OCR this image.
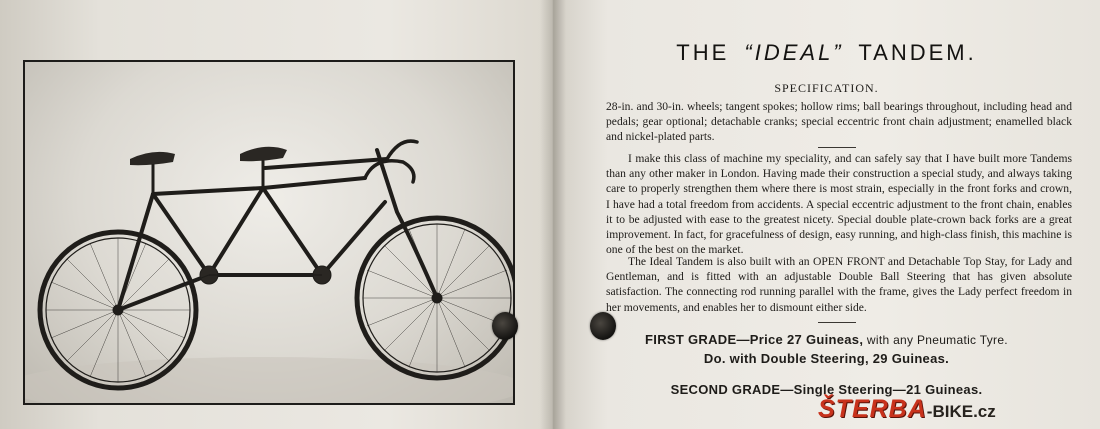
THE “IDEAL” TANDEM.
SPECIFICATION.
28-in. and 30-in. wheels; tangent spokes; hollow rims; ball bearings throughout, including head and pedals; gear optional; detachable cranks; special eccentric front chain adjustment; enamelled black and nickel-plated parts.
I make this class of machine my speciality, and can safely say that I have built more Tandems than any other maker in London. Having made their construction a special study, and always taking care to properly strengthen them where there is most strain, especially in the front forks and crown, I have had a total freedom from accidents. A special eccentric adjustment to the front chain, enables it to be adjusted with ease to the greatest nicety. Special double plate-crown back forks are a great improvement. In fact, for gracefulness of design, easy running, and high-class finish, this machine is one of the best on the market.
The Ideal Tandem is also built with an OPEN FRONT and Detachable Top Stay, for Lady and Gentleman, and is fitted with an adjustable Double Ball Steering that has given absolute satisfaction. The connecting rod running parallel with the frame, gives the Lady perfect freedom in her movements, and enables her to dismount either side.
FIRST GRADE—Price 27 Guineas, with any Pneumatic Tyre.
Do. with Double Steering, 29 Guineas.
SECOND GRADE—Single Steering—21 Guineas.
ŠTERBA-BIKE.cz
